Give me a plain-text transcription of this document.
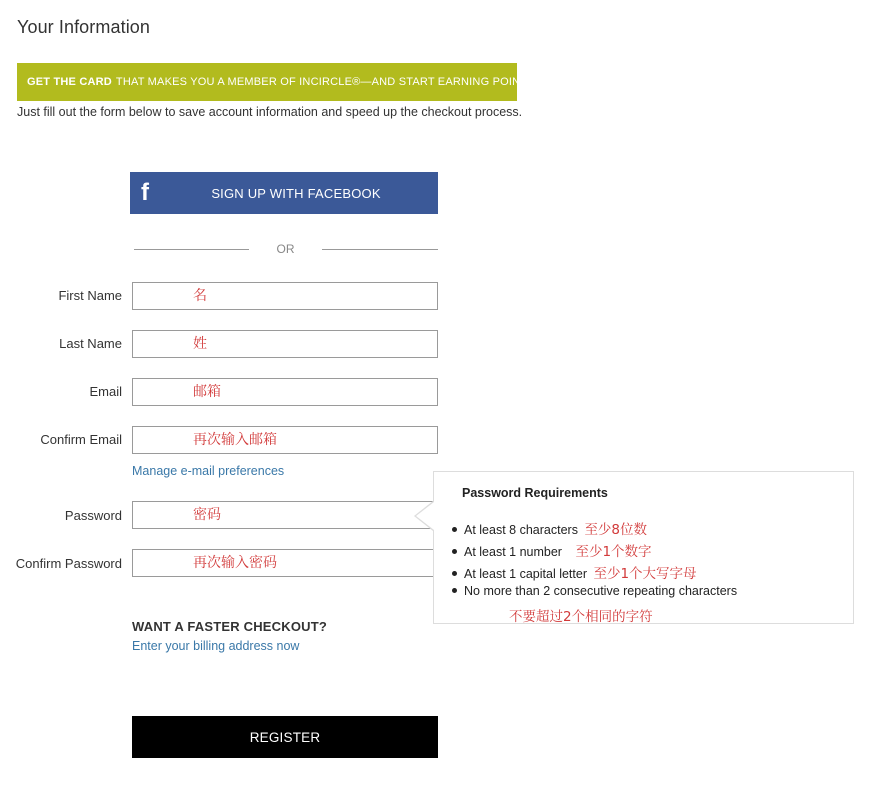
Your Information
GET THE CARD THAT MAKES YOU A MEMBER OF INCIRCLE®—AND START EARNING POINTS
Just fill out the form below to save account information and speed up the checkout process.
f	SIGN UP WITH FACEBOOK
OR
First Name
名
Last Name
姓
Email
邮箱
Confirm Email
再次输入邮箱
Manage e-mail preferences
Password
密码
Confirm Password
再次输入密码
Password Requirements
At least 8 characters 至少8位数
At least 1 number 至少1个数字
At least 1 capital letter 至少1个大写字母
No more than 2 consecutive repeating characters
不要超过2个相同的字符
WANT A FASTER CHECKOUT?
Enter your billing address now
REGISTER
